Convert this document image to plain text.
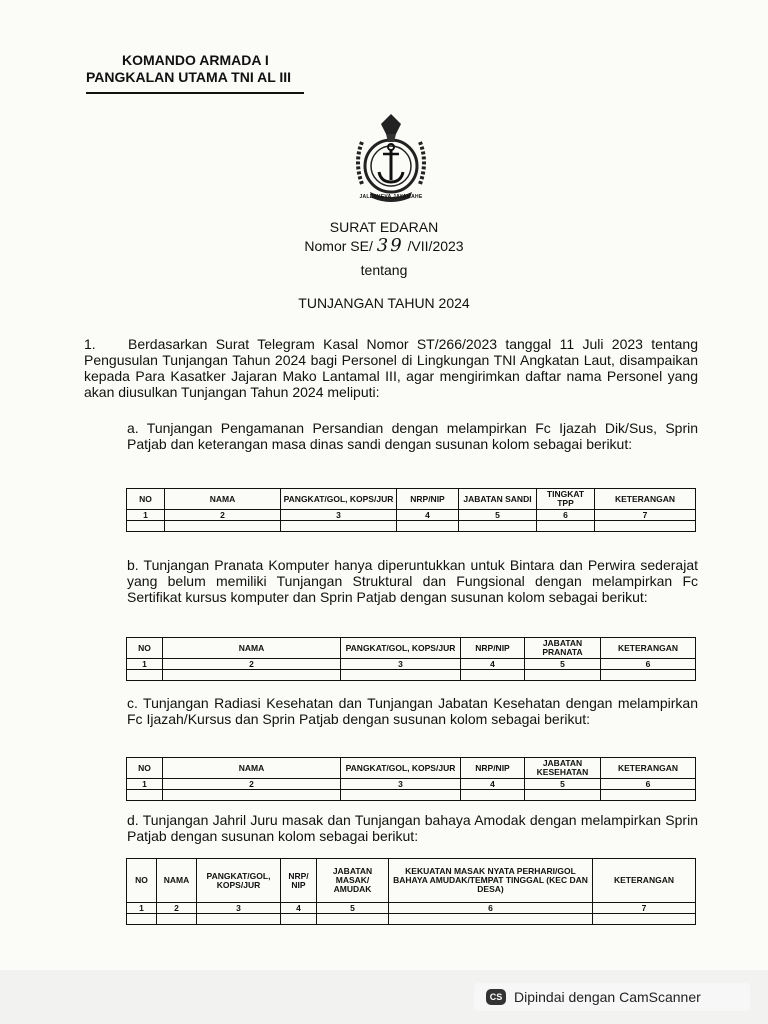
KOMANDO ARMADA I
PANGKALAN UTAMA TNI AL III
JALESVEVA JAYAMAHE
SURAT EDARAN
Nomor SE/ 39 /VII/2023
tentang
TUNJANGAN TAHUN 2024
1. Berdasarkan Surat Telegram Kasal Nomor ST/266/2023 tanggal 11 Juli 2023 tentang Pengusulan Tunjangan Tahun 2024 bagi Personel di Lingkungan TNI Angkatan Laut, disampaikan kepada Para Kasatker Jajaran Mako Lantamal III, agar mengirimkan daftar nama Personel yang akan diusulkan Tunjangan Tahun 2024 meliputi:
a. Tunjangan Pengamanan Persandian dengan melampirkan Fc Ijazah Dik/Sus, Sprin Patjab dan keterangan masa dinas sandi dengan susunan kolom sebagai berikut:
NO	NAMA	PANGKAT/GOL, KOPS/JUR	NRP/NIP	JABATAN SANDI	TINGKAT TPP	KETERANGAN
1	2	3	4	5	6	7

b. Tunjangan Pranata Komputer hanya diperuntukkan untuk Bintara dan Perwira sederajat yang belum memiliki Tunjangan Struktural dan Fungsional dengan melampirkan Fc Sertifikat kursus komputer dan Sprin Patjab dengan susunan kolom sebagai berikut:
NO	NAMA	PANGKAT/GOL, KOPS/JUR	NRP/NIP	JABATAN PRANATA	KETERANGAN
1	2	3	4	5	6

c. Tunjangan Radiasi Kesehatan dan Tunjangan Jabatan Kesehatan dengan melampirkan Fc Ijazah/Kursus dan Sprin Patjab dengan susunan kolom sebagai berikut:
NO	NAMA	PANGKAT/GOL, KOPS/JUR	NRP/NIP	JABATAN KESEHATAN	KETERANGAN
1	2	3	4	5	6

d. Tunjangan Jahril Juru masak dan Tunjangan bahaya Amodak dengan melampirkan Sprin Patjab dengan susunan kolom sebagai berikut:
NO	NAMA	PANGKAT/GOL, KOPS/JUR	NRP/ NIP	JABATAN MASAK/ AMUDAK	KEKUATAN MASAK NYATA PERHARI/GOL BAHAYA AMUDAK/TEMPAT TINGGAL (KEC DAN DESA)	KETERANGAN
1	2	3	4	5	6	7

CS Dipindai dengan CamScanner
